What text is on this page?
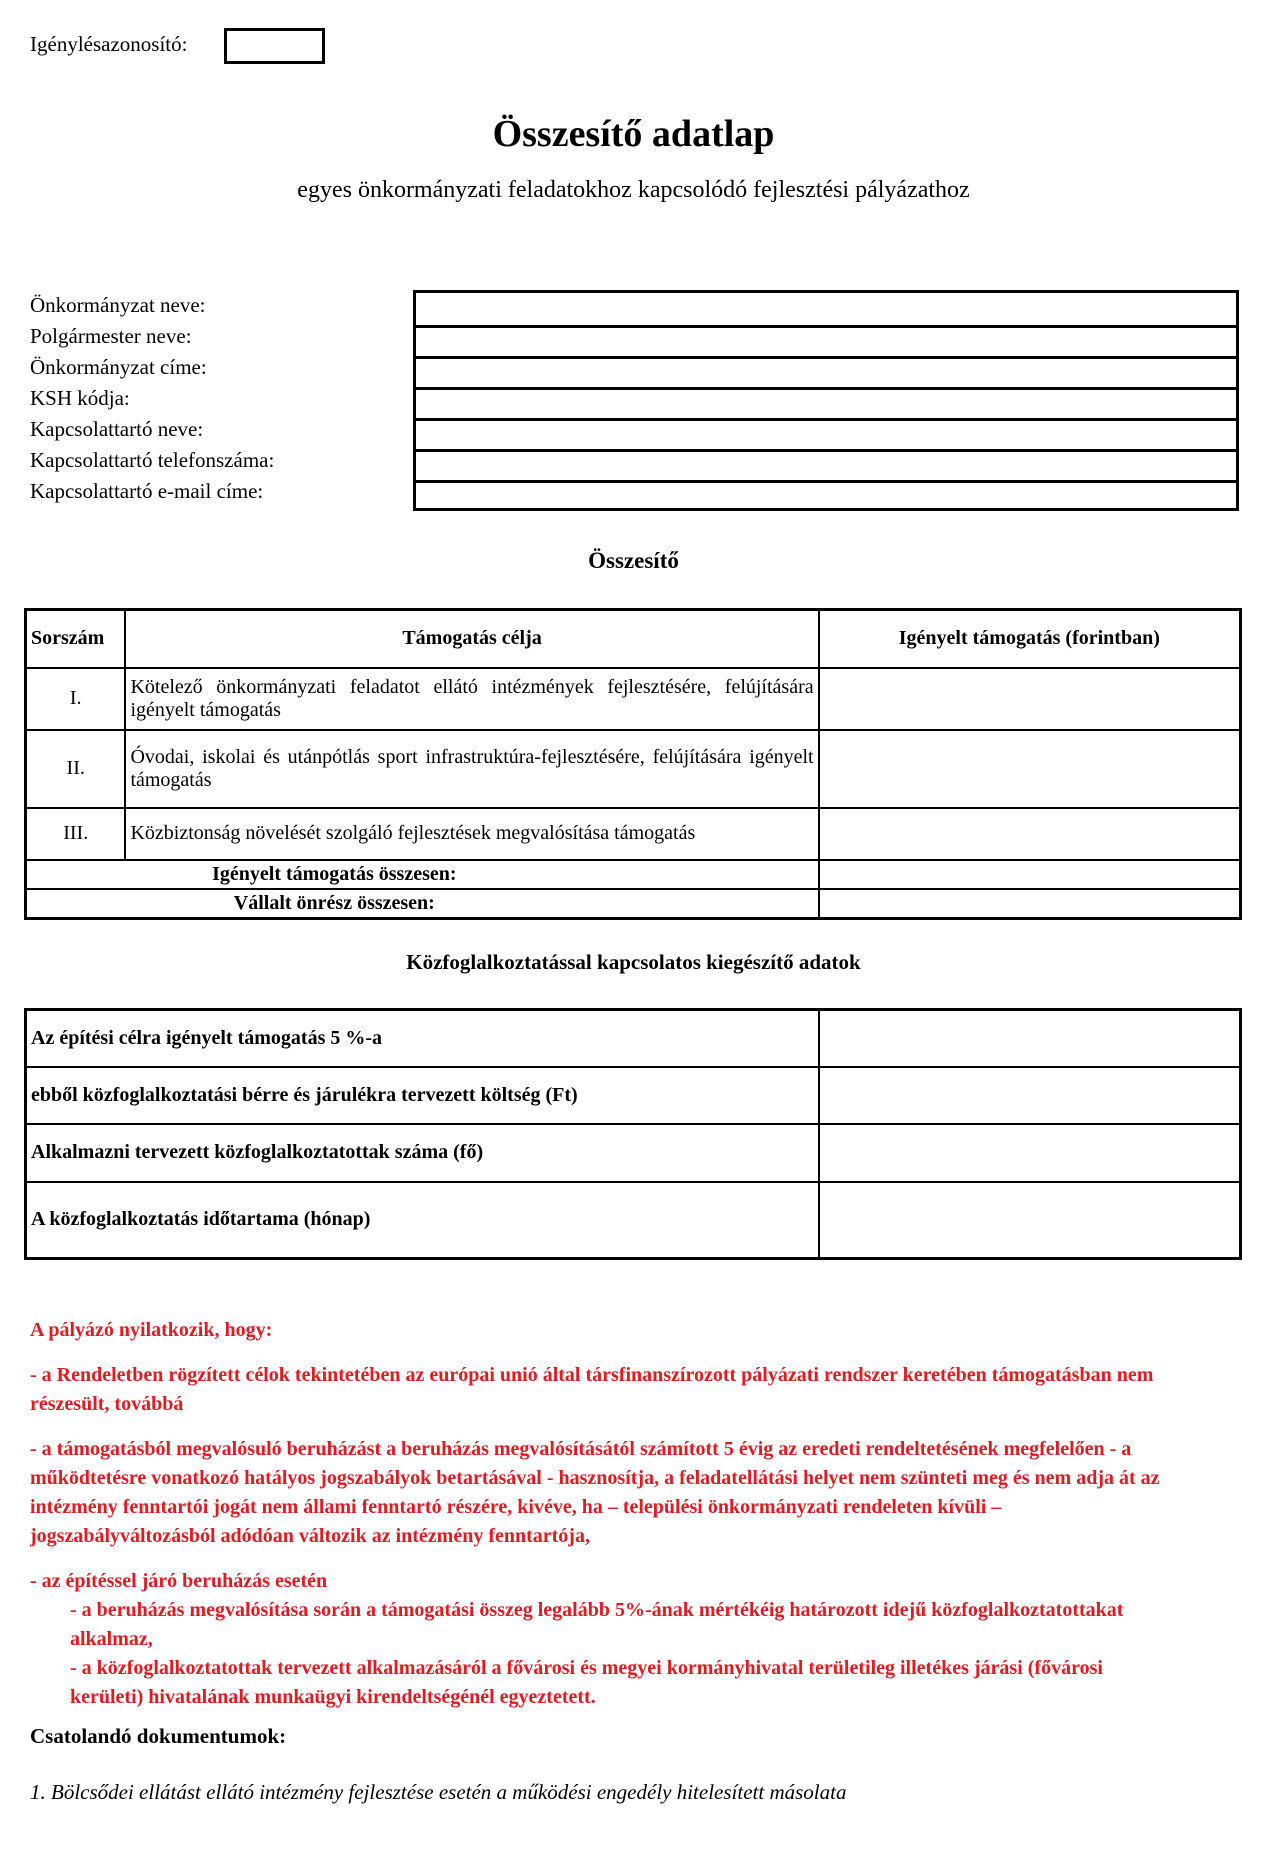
Igénylésazonosító:
Összesítő adatlap
egyes önkormányzati feladatokhoz kapcsolódó fejlesztési pályázathoz
Önkormányzat neve:
Polgármester neve:
Önkormányzat címe:
KSH kódja:
Kapcsolattartó neve:
Kapcsolattartó telefonszáma:
Kapcsolattartó e-mail címe:
Összesítő
Sorszám	Támogatás célja	Igényelt támogatás (forintban)
I.	Kötelező önkormányzati feladatot ellátó intézmények fejlesztésére, felújítására igényelt támogatás	
II.	Óvodai, iskolai és utánpótlás sport infrastruktúra-fejlesztésére, felújítására igényelt támogatás	
III.	Közbiztonság növelését szolgáló fejlesztések megvalósítása támogatás	
Igényelt támogatás összesen:		
Vállalt önrész összesen:		
Közfoglalkoztatással kapcsolatos kiegészítő adatok
Az építési célra igényelt támogatás 5 %-a	
ebből közfoglalkoztatási bérre és járulékra tervezett költség (Ft)	
Alkalmazni tervezett közfoglalkoztatottak száma (fő)	
A közfoglalkoztatás időtartama (hónap)	

A pályázó nyilatkozik, hogy:

- a Rendeletben rögzített célok tekintetében az európai unió által társfinanszírozott pályázati rendszer keretében támogatásban nem részesült, továbbá

- a támogatásból megvalósuló beruházást a beruházás megvalósításától számított 5 évig az eredeti rendeltetésének megfelelően - a működtetésre vonatkozó hatályos jogszabályok betartásával - hasznosítja, a feladatellátási helyet nem szünteti meg és nem adja át az intézmény fenntartói jogát nem állami fenntartó részére, kivéve, ha – települési önkormányzati rendeleten kívüli – jogszabályváltozásból adódóan változik az intézmény fenntartója,

- az építéssel járó beruházás esetén
- a beruházás megvalósítása során a támogatási összeg legalább 5%-ának mértékéig határozott idejű közfoglalkoztatottakat alkalmaz,
- a közfoglalkoztatottak tervezett alkalmazásáról a fővárosi és megyei kormányhivatal területileg illetékes járási (fővárosi kerületi) hivatalának munkaügyi kirendeltségénél egyeztetett.
Csatolandó dokumentumok:
1. Bölcsődei ellátást ellátó intézmény fejlesztése esetén a működési engedély hitelesített másolata
